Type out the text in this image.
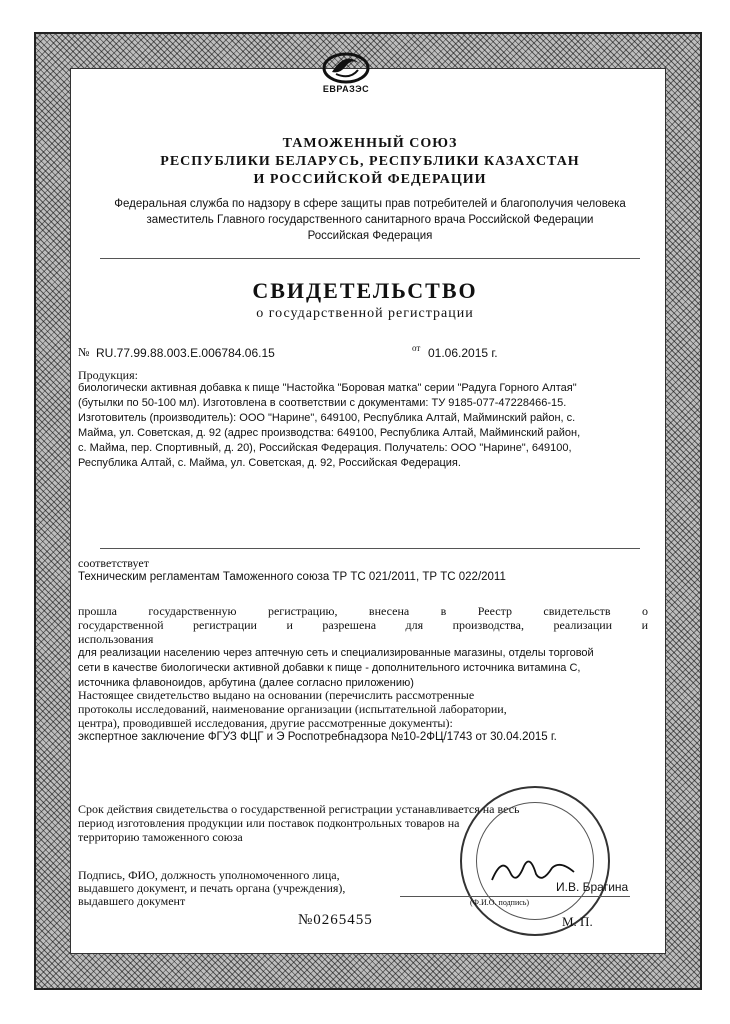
ЕВРАЗЭС
ТАМОЖЕННЫЙ СОЮЗ
РЕСПУБЛИКИ БЕЛАРУСЬ, РЕСПУБЛИКИ КАЗАХСТАН
И РОССИЙСКОЙ ФЕДЕРАЦИИ
Федеральная служба по надзору в сфере защиты прав потребителей и благополучия человека
заместитель Главного государственного санитарного врача Российской Федерации
Российская Федерация
СВИДЕТЕЛЬСТВО
о государственной регистрации
№ RU.77.99.88.003.E.006784.06.15	от 01.06.2015 г.
Продукция:
биологически активная добавка к пище "Настойка "Боровая матка" серии "Радуга Горного Алтая"
(бутылки по 50-100 мл). Изготовлена в соответствии с документами: ТУ 9185-077-47228466-15.
Изготовитель (производитель): ООО "Нарине", 649100, Республика Алтай, Майминский район, с.
Майма, ул. Советская, д. 92 (адрес производства: 649100, Республика Алтай, Майминский район,
с. Майма, пер. Спортивный, д. 20), Российская Федерация. Получатель: ООО "Нарине", 649100,
Республика Алтай, с. Майма, ул. Советская, д. 92, Российская Федерация.
соответствует
Техническим регламентам Таможенного союза ТР ТС 021/2011, ТР ТС 022/2011
прошла государственную регистрацию, внесена в Реестр свидетельств о
государственной регистрации и разрешена для производства, реализации и
использования
для реализации населению через аптечную сеть и специализированные магазины, отделы торговой
сети в качестве биологически активной добавки к пище - дополнительного источника витамина С,
источника флавоноидов, арбутина (далее согласно приложению)
Настоящее свидетельство выдано на основании (перечислить рассмотренные
протоколы исследований, наименование организации (испытательной лаборатории,
центра), проводившей исследования, другие рассмотренные документы):
экспертное заключение ФГУЗ ФЦГ и Э Роспотребнадзора №10-2ФЦ/1743 от 30.04.2015 г.
Срок действия свидетельства о государственной регистрации устанавливается на весь
период изготовления продукции или поставок подконтрольных товаров на
территорию таможенного союза
Подпись, ФИО, должность уполномоченного лица,
выдавшего документ, и печать органа (учреждения),
выдавшего документ
И.В. Брагина
(Ф.И.О. подпись)
№0265455	М. П.
